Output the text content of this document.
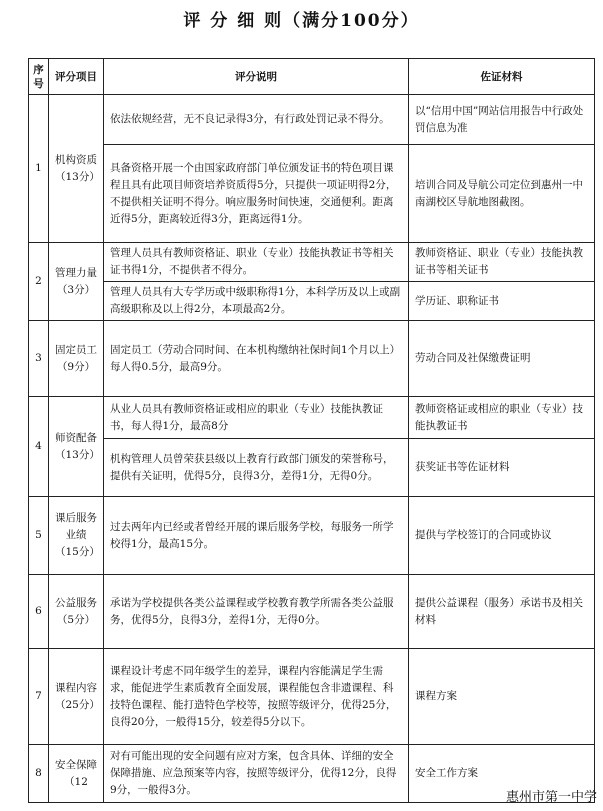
评 分 细 则（满分100分）
序号	评分项目	评分说明	佐证材料
1	机构资质（13分）	依法依规经营，无不良记录得3分，有行政处罚记录不得分。	以“信用中国”网站信用报告中行政处罚信息为准
		具备资格开展一个由国家政府部门单位颁发证书的特色项目课程且具有此项目师资培养资质得5分，只提供一项证明得2分，不提供相关证明不得分。响应服务时间快速，交通便利。距离近得5分，距离较近得3分，距离远得1分。	培训合同及导航公司定位到惠州一中南湖校区导航地图截图。
2	管理力量（3分）	管理人员具有教师资格证、职业（专业）技能执教证书等相关证书得1分，不提供者不得分。	教师资格证、职业（专业）技能执教证书等相关证书
		管理人员具有大专学历或中级职称得1分，本科学历及以上或副高级职称及以上得2分，本项最高2分。	学历证、职称证书
3	固定员工（9分）	固定员工（劳动合同时间、在本机构缴纳社保时间1个月以上）每人得0.5分，最高9分。	劳动合同及社保缴费证明
4	师资配备（13分）	从业人员具有教师资格证或相应的职业（专业）技能执教证书，每人得1分，最高8分	教师资格证或相应的职业（专业）技能执教证书
		机构管理人员曾荣获县级以上教育行政部门颁发的荣誉称号，提供有关证明，优得5分，良得3分，差得1分，无得0分。	获奖证书等佐证材料
5	课后服务业绩（15分）	过去两年内已经或者曾经开展的课后服务学校，每服务一所学校得1分，最高15分。	提供与学校签订的合同或协议
6	公益服务（5分）	承诺为学校提供各类公益课程或学校教育教学所需各类公益服务，优得5分，良得3分，差得1分，无得0分。	提供公益课程（服务）承诺书及相关材料
7	课程内容（25分）	课程设计考虑不同年级学生的差异，课程内容能满足学生需求，能促进学生素质教育全面发展，课程能包含非遗课程、科技特色课程、能打造特色学校等，按照等级评分，优得25分，良得20分，一般得15分，较差得5分以下。	课程方案
8	安全保障（12	对有可能出现的安全问题有应对方案，包含具体、详细的安全保障措施、应急预案等内容，按照等级评分，优得12分，良得9分，一般得3分。	安全工作方案
惠州市第一中学
